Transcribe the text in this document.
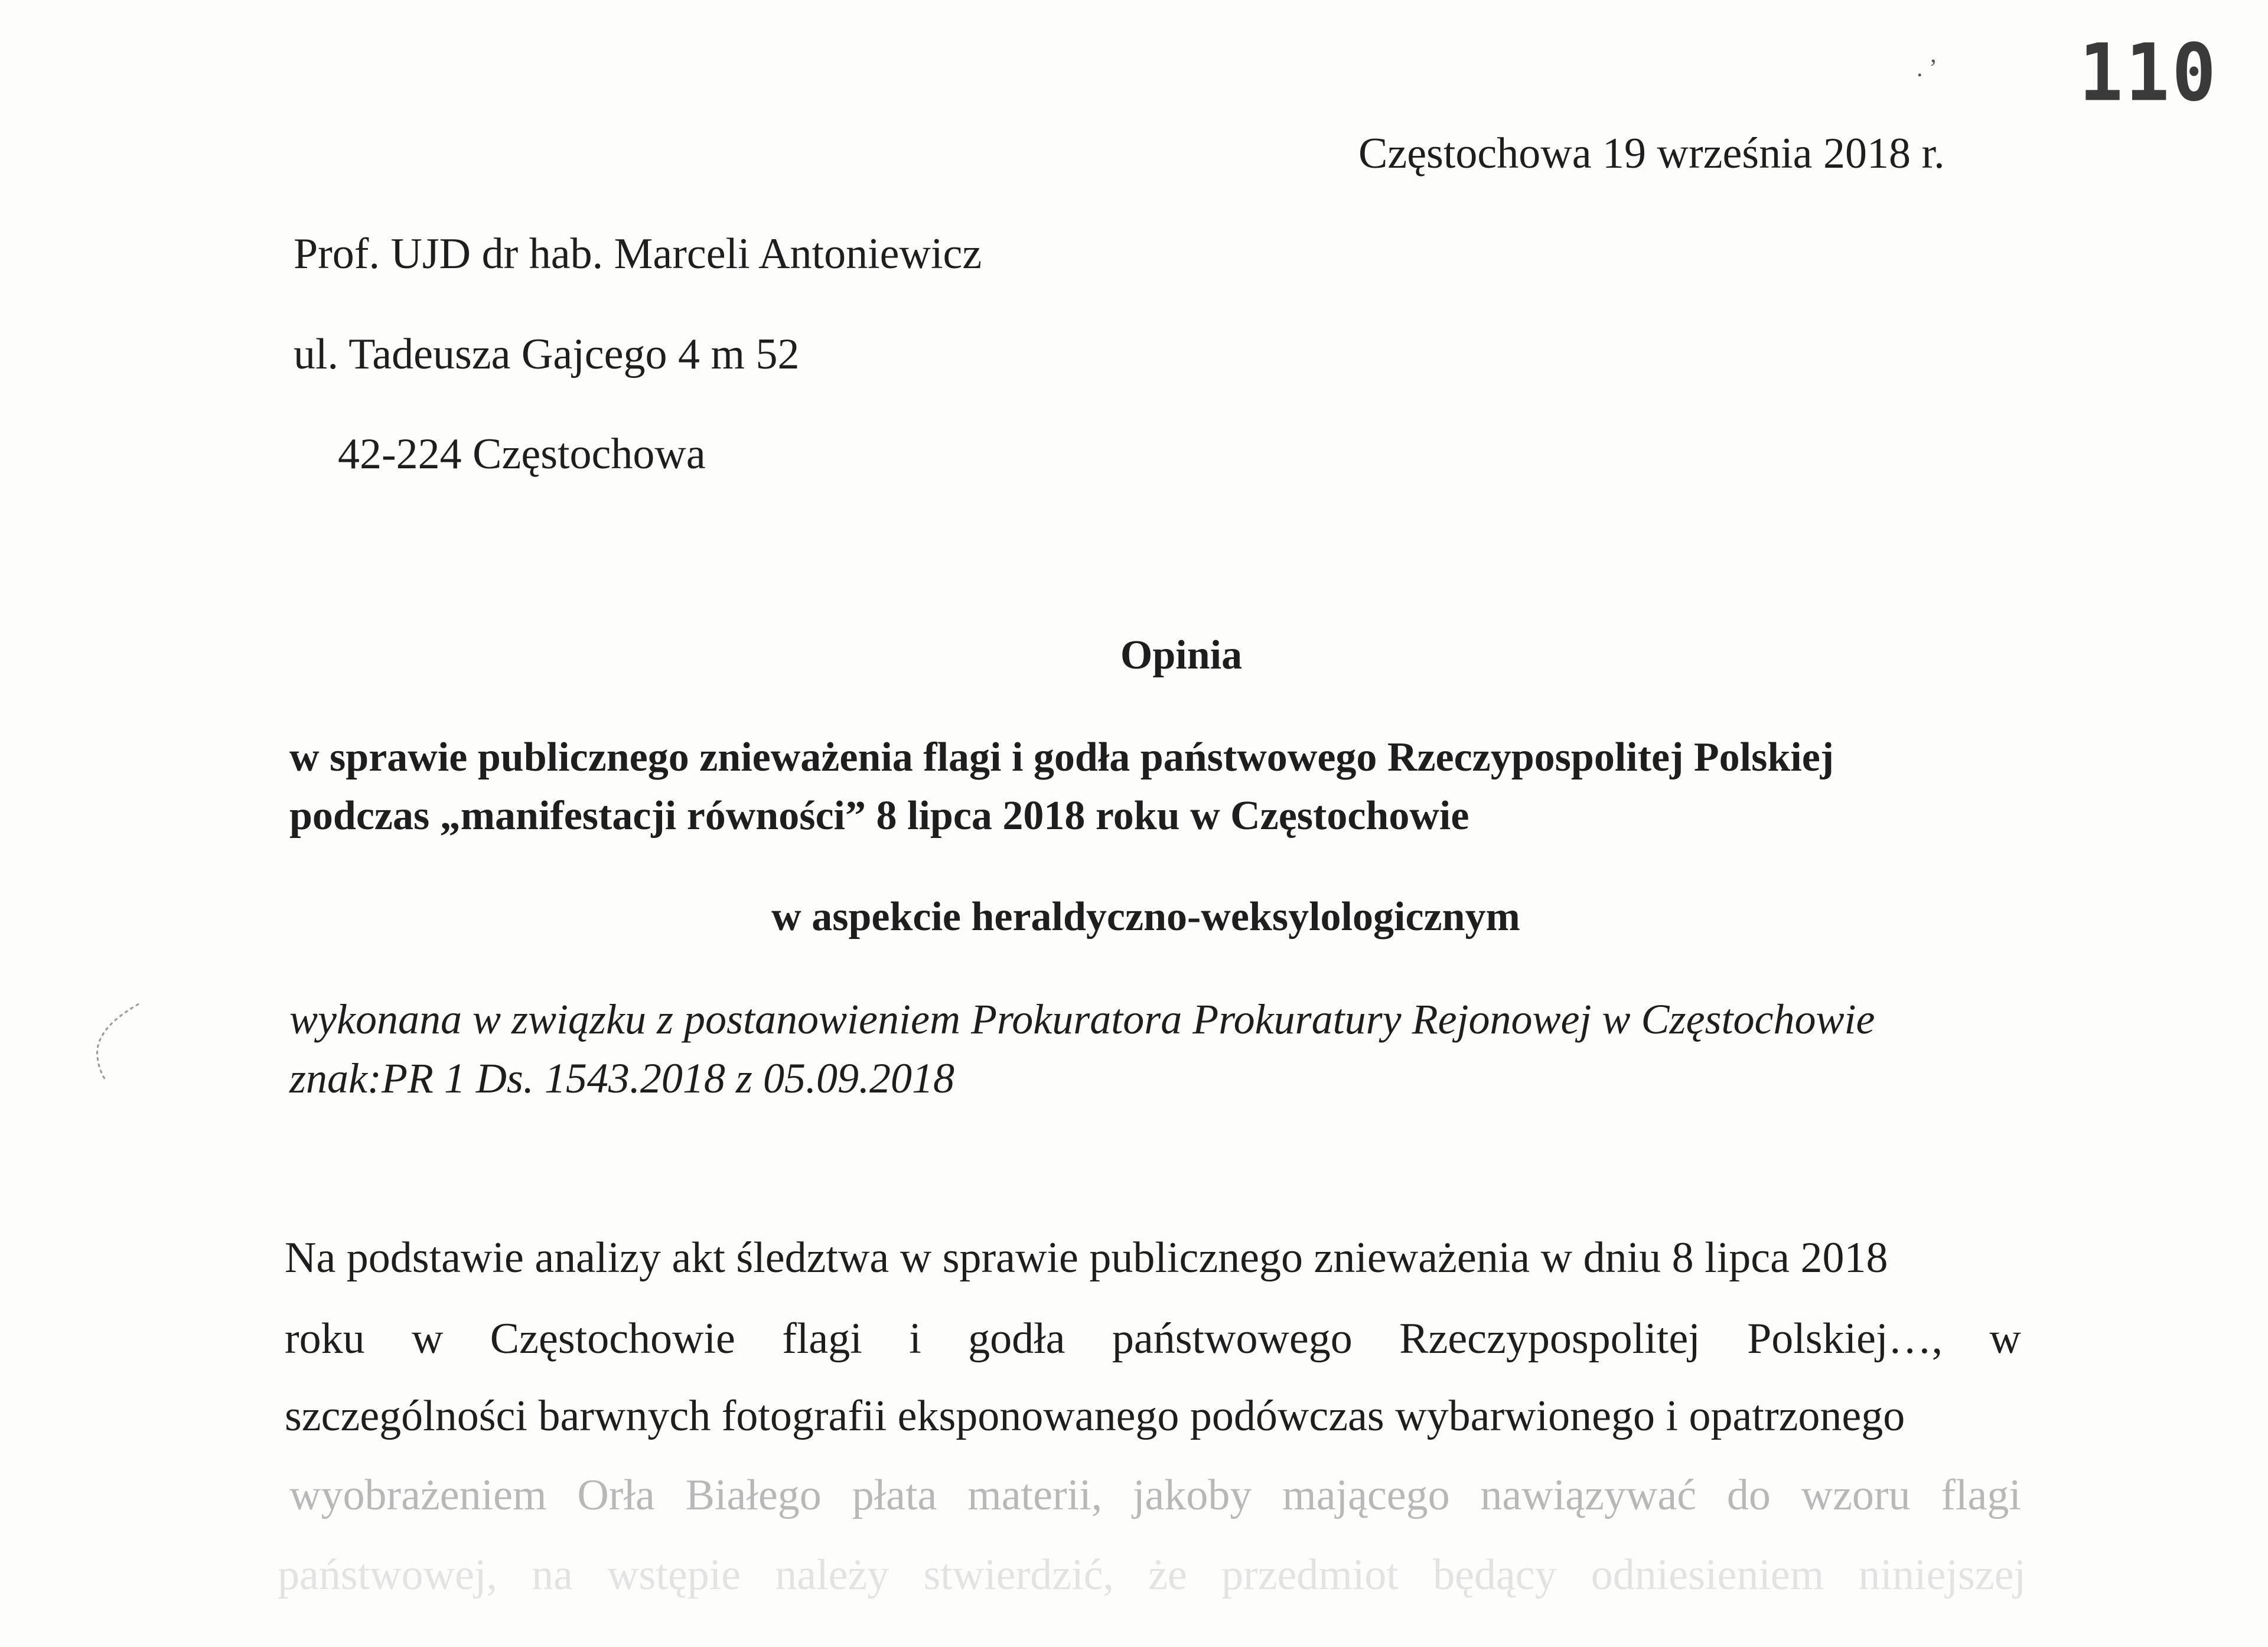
. ’ 110
Częstochowa 19 września 2018 r.
Prof. UJD dr hab. Marceli Antoniewicz
ul. Tadeusza Gajcego 4 m 52
42-224 Częstochowa
Opinia
w sprawie publicznego znieważenia flagi i godła państwowego Rzeczypospolitej Polskiej
podczas „manifestacji równości” 8 lipca 2018 roku w Częstochowie
w aspekcie heraldyczno-weksylologicznym
wykonana w związku z postanowieniem Prokuratora Prokuratury Rejonowej w Częstochowie
znak:PR 1 Ds. 1543.2018 z 05.09.2018
Na podstawie analizy akt śledztwa w sprawie publicznego znieważenia w dniu 8 lipca 2018
roku w Częstochowie flagi i godła państwowego Rzeczypospolitej Polskiej…, w
szczególności barwnych fotografii eksponowanego podówczas wybarwionego i opatrzonego
wyobrażeniem Orła Białego płata materii, jakoby mającego nawiązywać do wzoru flagi
państwowej, na wstępie należy stwierdzić, że przedmiot będący odniesieniem niniejszej
